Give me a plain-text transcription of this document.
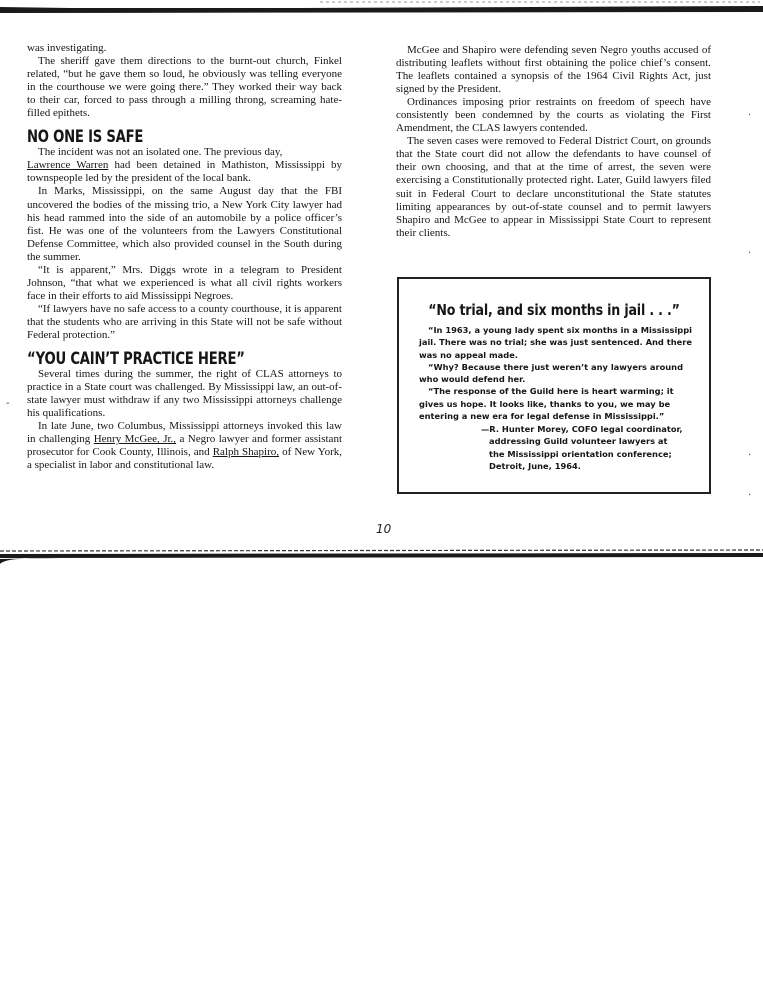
was investigating.

The sheriff gave them directions to the burnt-out church, Finkel related, “but he gave them so loud, he obviously was telling everyone in the courthouse we were going there.” They worked their way back to their car, forced to pass through a milling throng, screaming hate-filled epithets.

NO ONE IS SAFE

The incident was not an isolated one. The previous day,
Lawrence Warren had been detained in Mathiston, Mississippi by townspeople led by the president of the local bank.

In Marks, Mississippi, on the same August day that the FBI uncovered the bodies of the missing trio, a New York City lawyer had his head rammed into the side of an automobile by a police officer’s fist. He was one of the volunteers from the Lawyers Constitutional Defense Committee, which also provided counsel in the South during the summer.

“It is apparent,” Mrs. Diggs wrote in a telegram to President Johnson, “that what we experienced is what all civil rights workers face in their efforts to aid Mississippi Negroes.

“If lawyers have no safe access to a county courthouse, it is apparent that the students who are arriving in this State will not be safe without Federal protection.”

“YOU CAIN’T PRACTICE HERE”

Several times during the summer, the right of CLAS attorneys to practice in a State court was challenged. By Mississippi law, an out-of-state lawyer must withdraw if any two Mississippi attorneys challenge his qualifications.

In late June, two Columbus, Mississippi attorneys invoked this law in challenging Henry McGee, Jr., a Negro lawyer and former assistant prosecutor for Cook County, Illinois, and Ralph Shapiro, of New York, a specialist in labor and constitutional law.

McGee and Shapiro were defending seven Negro youths accused of distributing leaflets without first obtaining the police chief’s consent. The leaflets contained a synopsis of the 1964 Civil Rights Act, just signed by the President.

Ordinances imposing prior restraints on freedom of speech have consistently been condemned by the courts as violating the First Amendment, the CLAS lawyers contended.

The seven cases were removed to Federal District Court, on grounds that the State court did not allow the defendants to have counsel of their own choosing, and that at the time of arrest, the seven were exercising a Constitutionally protected right. Later, Guild lawyers filed suit in Federal Court to declare unconstitutional the State statutes limiting appearances by out-of-state counsel and to permit lawyers Shapiro and McGee to appear in Mississippi State Court to represent their clients.

“No trial, and six months in jail . . .”

“In 1963, a young lady spent six months in a Mississippi jail. There was no trial; she was just sentenced. And there was no appeal made.

“Why? Because there just weren’t any lawyers around who would defend her.

“The response of the Guild here is heart warming; it gives us hope. It looks like, thanks to you, we may be entering a new era for legal defense in Mississippi.”

—R. Hunter Morey, COFO legal coordinator,
addressing Guild volunteer lawyers at
the Mississippi orientation conference;
Detroit, June, 1964.
10
·
·
·
·
-
